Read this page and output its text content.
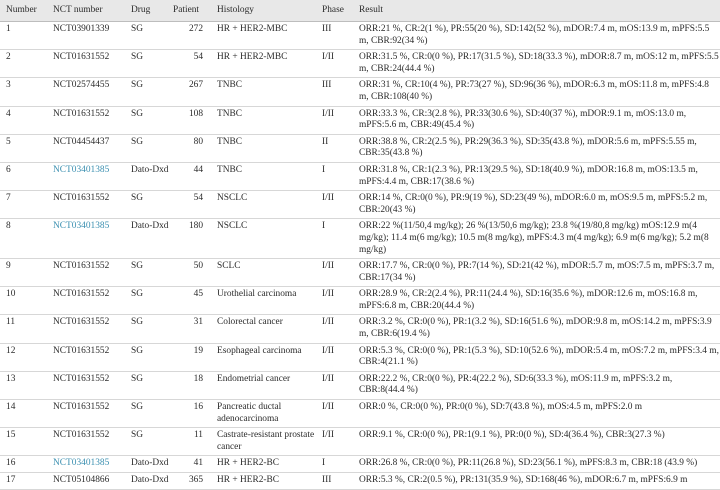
Number	NCT number	Drug	Patient	Histology	Phase	Result
1	NCT03901339	SG	272	HR + HER2-MBC	III	ORR:21 %, CR:2(1 %), PR:55(20 %), SD:142(52 %), mDOR:7.4 m, mOS:13.9 m, mPFS:5.5 m, CBR:92(34 %)
2	NCT01631552	SG	54	HR + HER2-MBC	I/II	ORR:31.5 %, CR:0(0 %), PR:17(31.5 %), SD:18(33.3 %), mDOR:8.7 m, mOS:12 m, mPFS:5.5 m, CBR:24(44.4 %)
3	NCT02574455	SG	267	TNBC	III	ORR:31 %, CR:10(4 %), PR:73(27 %), SD:96(36 %), mDOR:6.3 m, mOS:11.8 m, mPFS:4.8 m, CBR:108(40 %)
4	NCT01631552	SG	108	TNBC	I/II	ORR:33.3 %, CR:3(2.8 %), PR:33(30.6 %), SD:40(37 %), mDOR:9.1 m, mOS:13.0 m, mPFS:5.6 m, CBR:49(45.4 %)
5	NCT04454437	SG	80	TNBC	II	ORR:38.8 %, CR:2(2.5 %), PR:29(36.3 %), SD:35(43.8 %), mDOR:5.6 m, mPFS:5.55 m, CBR:35(43.8 %)
6	NCT03401385	Dato-Dxd	44	TNBC	I	ORR:31.8 %, CR:1(2.3 %), PR:13(29.5 %), SD:18(40.9 %), mDOR:16.8 m, mOS:13.5 m, mPFS:4.4 m, CBR:17(38.6 %)
7	NCT01631552	SG	54	NSCLC	I/II	ORR:14 %, CR:0(0 %), PR:9(19 %), SD:23(49 %), mDOR:6.0 m, mOS:9.5 m, mPFS:5.2 m, CBR:20(43 %)
8	NCT03401385	Dato-Dxd	180	NSCLC	I	ORR:22 %(11/50,4 mg/kg); 26 %(13/50,6 mg/kg); 23.8 %(19/80,8 mg/kg) mOS:12.9 m(4 mg/kg); 11.4 m(6 mg/kg); 10.5 m(8 mg/kg), mPFS:4.3 m(4 mg/kg); 6.9 m(6 mg/kg); 5.2 m(8 mg/kg)
9	NCT01631552	SG	50	SCLC	I/II	ORR:17.7 %, CR:0(0 %), PR:7(14 %), SD:21(42 %), mDOR:5.7 m, mOS:7.5 m, mPFS:3.7 m, CBR:17(34 %)
10	NCT01631552	SG	45	Urothelial carcinoma	I/II	ORR:28.9 %, CR:2(2.4 %), PR:11(24.4 %), SD:16(35.6 %), mDOR:12.6 m, mOS:16.8 m, mPFS:6.8 m, CBR:20(44.4 %)
11	NCT01631552	SG	31	Colorectal cancer	I/II	ORR:3.2 %, CR:0(0 %), PR:1(3.2 %), SD:16(51.6 %), mDOR:9.8 m, mOS:14.2 m, mPFS:3.9 m, CBR:6(19.4 %)
12	NCT01631552	SG	19	Esophageal carcinoma	I/II	ORR:5.3 %, CR:0(0 %), PR:1(5.3 %), SD:10(52.6 %), mDOR:5.4 m, mOS:7.2 m, mPFS:3.4 m, CBR:4(21.1 %)
13	NCT01631552	SG	18	Endometrial cancer	I/II	ORR:22.2 %, CR:0(0 %), PR:4(22.2 %), SD:6(33.3 %), mOS:11.9 m, mPFS:3.2 m, CBR:8(44.4 %)
14	NCT01631552	SG	16	Pancreatic ductal adenocarcinoma	I/II	ORR:0 %, CR:0(0 %), PR:0(0 %), SD:7(43.8 %), mOS:4.5 m, mPFS:2.0 m
15	NCT01631552	SG	11	Castrate-resistant prostate cancer	I/II	ORR:9.1 %, CR:0(0 %), PR:1(9.1 %), PR:0(0 %), SD:4(36.4 %), CBR:3(27.3 %)
16	NCT03401385	Dato-Dxd	41	HR + HER2-BC	I	ORR:26.8 %, CR:0(0 %), PR:11(26.8 %), SD:23(56.1 %), mPFS:8.3 m, CBR:18 (43.9 %)
17	NCT05104866	Dato-Dxd	365	HR + HER2-BC	III	ORR:5.3 %, CR:2(0.5 %), PR:131(35.9 %), SD:168(46 %), mDOR:6.7 m, mPFS:6.9 m
